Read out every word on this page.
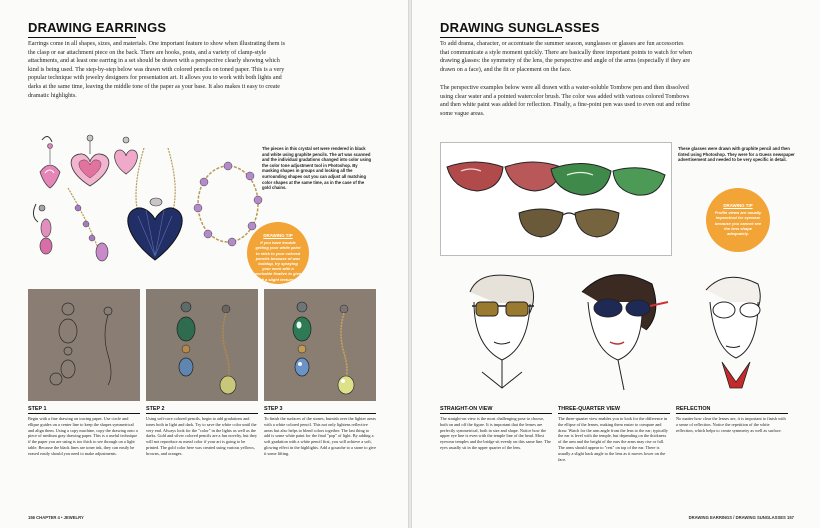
DRAWING EARRINGS

Earrings come in all shapes, sizes, and materials. One important feature to show when illustrating them is the clasp or ear attachment piece on the back. There are hooks, posts, and a variety of clamp-style attachments, and at least one earring in a set should be drawn with a perspective clearly showing which kind is being used. The step-by-step below was drawn with colored pencils on toned paper. This is a very popular technique with jewelry designers for presentation art. It allows you to work with both lights and darks at the same time, leaving the middle tone of the paper as your base. It also makes it easy to create dramatic highlights.

The pieces in this crystal set were rendered in black and white using graphite pencils. The art was scanned and the individual gradations changed into color using the color tone adjustment tool in Photoshop. By masking shapes in groups and locking all the surrounding shapes out you can adjust all matching color shapes at the same time, as in the case of the gold chains.

DRAWING TIP
If you have trouble getting your white paint to stick to your colored pencils because of wax buildup, try spraying your work with a workable fixative to give it a slight texture.

STEP 1

Begin with a fine drawing on tracing paper. Use circle and ellipse guides on a center line to keep the shapes symmetrical and align them. Using a copy machine, copy the drawing onto a piece of medium gray drawing paper. This is a useful technique if the paper you are using is too thick to see through on a light table. Because the black lines are toner ink, they can easily be erased easily should you need to make adjustments.

STEP 2

Using soft-core colored pencils, begin to add gradations and tones both in light and dark. Try to save the white color until the very end. Always look for the "color" in the lights as well as the darks. Gold and silver colored pencils are a fun novelty, but they will not reproduce as metal color if your art is going to be printed. The gold color here was created using various yellows, browns, and oranges.

STEP 3

To finish the surfaces of the stones, burnish over the lighter areas with a white colored pencil. This not only lightens reflective areas but also helps to blend colors together. The last thing to add is some white paint for the final "pop" of light. By adding a soft gradation with a white pencil first, you will achieve a soft, glowing effect in the highlights. Add a gouache to a stone to give it some lifting.

156 CHAPTER 4 • JEWELRY
DRAWING SUNGLASSES

To add drama, character, or accentuate the summer season, sunglasses or glasses are fun accessories that communicate a style moment quickly. There are basically three important points to watch for when drawing glasses: the symmetry of the lens, the perspective and angle of the arms (especially if they are drawn on a face), and the fit or placement on the face.

The perspective examples below were all drawn with a water-soluble Tombow pen and then dissolved using clear water and a pointed watercolor brush. The color was added with various colored Tombows and then white paint was added for reflection. Finally, a fine-point pen was used to even out and refine some vague areas.

These glasses were drawn with graphite pencil and then tinted using Photoshop. They were for a Guess newspaper advertisement and needed to be very specific in detail.

DRAWING TIP
Profile views are usually impractical for eyewear because you cannot see the lens shape adequately.

STRAIGHT-ON VIEW

The straight-on view is the most challenging pose to choose, both on and off the figure. It is important that the lenses are perfectly symmetrical, both in size and shape. Notice how the upper eye line is even with the temple line of the head. Most eyewear temples and the bridge sit evenly on this same line. The eyes usually sit in the upper quarter of the lens.

THREE-QUARTER VIEW

The three-quarter view enables you to look for the difference in the ellipse of the lenses, making them easier to compare and draw. Watch for the arm angle from the lens to the ear; typically the ear is level with the temple, but depending on the thickness of the arm and the height of the ears the arms may rise or fall. The arms should appear to "rest" on top of the ear. There is usually a slight back angle to the lens as it moves lower on the face.

REFLECTION

No matter how clear the lenses are, it is important to finish with a sense of reflection. Notice the repetition of the white reflection, which helps to create symmetry as well as surface.

DRAWING EARRINGS / DRAWING SUNGLASSES 157
